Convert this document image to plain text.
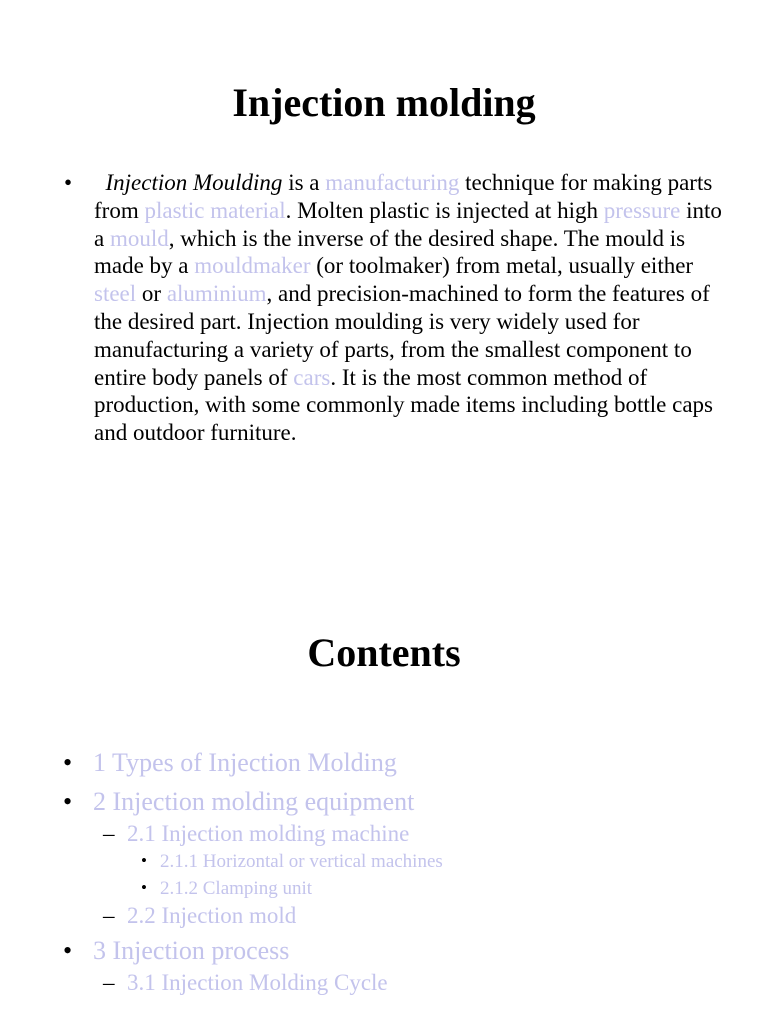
Injection molding
•	Injection Moulding is a manufacturing technique for making parts from plastic material. Molten plastic is injected at high pressure into a mould, which is the inverse of the desired shape. The mould is made by a mouldmaker (or toolmaker) from metal, usually either steel or aluminium, and precision-machined to form the features of the desired part. Injection moulding is very widely used for manufacturing a variety of parts, from the smallest component to entire body panels of cars. It is the most common method of production, with some commonly made items including bottle caps and outdoor furniture.

Contents
• 1 Types of Injection Molding
• 2 Injection molding equipment
– 2.1 Injection molding machine
• 2.1.1 Horizontal or vertical machines
• 2.1.2 Clamping unit
– 2.2 Injection mold
• 3 Injection process
– 3.1 Injection Molding Cycle
